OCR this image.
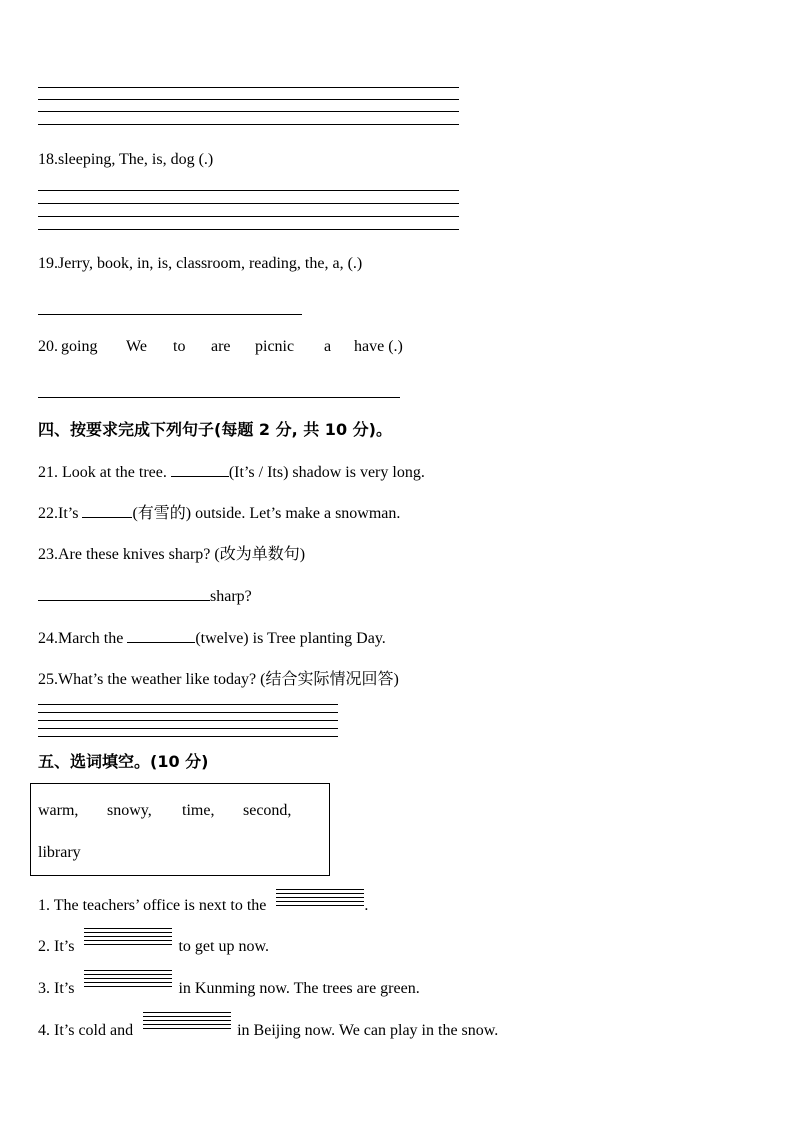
18.sleeping, The, is, dog (.)
19.Jerry, book, in, is, classroom, reading, the, a, (.)
20. going We to are picnic a have (.)
四、按要求完成下列句子(每题 2 分, 共 10 分)。
21. Look at the tree.	(It’s / Its) shadow is very long.
22.It’s	(有雪的) outside. Let’s make a snowman.
23.Are these knives sharp? (改为单数句)
sharp?
24.March the	(twelve) is Tree planting Day.
25.What’s the weather like today? (结合实际情况回答)
五、选词填空。(10 分)
warm, snowy, time, second,
library
1. The teachers’ office is next to the	.
2. It’s	to get up now.
3. It’s	in Kunming now. The trees are green.
4. It’s cold and	in Beijing now. We can play in the snow.
